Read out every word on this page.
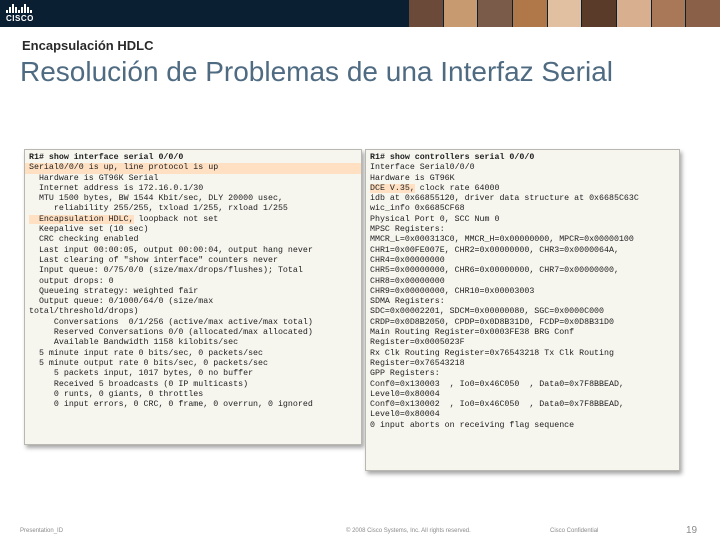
CISCO
Encapsulación HDLC
Resolución de Problemas de una Interfaz Serial
R1# show interface serial 0/0/0
Serial0/0/0 is up, line protocol is up
Hardware is GT96K Serial
Internet address is 172.16.0.1/30
MTU 1500 bytes, BW 1544 Kbit/sec, DLY 20000 usec,
reliability 255/255, txload 1/255, rxload 1/255
Encapsulation HDLC, loopback not set
Keepalive set (10 sec)
CRC checking enabled
Last input 00:00:05, output 00:00:04, output hang never
Last clearing of "show interface" counters never
Input queue: 0/75/0/0 (size/max/drops/flushes); Total
output drops: 0
Queueing strategy: weighted fair
Output queue: 0/1000/64/0 (size/max
total/threshold/drops)
Conversations  0/1/256 (active/max active/max total)
Reserved Conversations 0/0 (allocated/max allocated)
Available Bandwidth 1158 kilobits/sec
5 minute input rate 0 bits/sec, 0 packets/sec
5 minute output rate 0 bits/sec, 0 packets/sec
5 packets input, 1017 bytes, 0 no buffer
Received 5 broadcasts (0 IP multicasts)
0 runts, 0 giants, 0 throttles
0 input errors, 0 CRC, 0 frame, 0 overrun, 0 ignored
R1# show controllers serial 0/0/0
Interface Serial0/0/0
Hardware is GT96K
DCE V.35, clock rate 64000
idb at 0x66855120, driver data structure at 0x6685C63C
wic_info 0x6685CF68
Physical Port 0, SCC Num 0
MPSC Registers:
MMCR_L=0x000313C0, MMCR_H=0x00000000, MPCR=0x00000100
CHR1=0x00FE007E, CHR2=0x00000000, CHR3=0x0000064A,
CHR4=0x00000000
CHR5=0x00000000, CHR6=0x00000000, CHR7=0x00000000,
CHR8=0x00000000
CHR9=0x00000000, CHR10=0x00003003
SDMA Registers:
SDC=0x00002201, SDCM=0x00000080, SGC=0x0000C000
CRDP=0x0D8B2050, CPDP=0x0D8B31D0, FCDP=0x0D8B31D0
Main Routing Register=0x0003FE38 BRG Conf
Register=0x0005023F
Rx Clk Routing Register=0x76543218 Tx Clk Routing
Register=0x76543218
GPP Registers:
Conf0=0x130003  , Io0=0x46C050  , Data0=0x7F8BBEAD,
Level0=0x80004
Conf0=0x130002  , Io0=0x46C050  , Data0=0x7F8BBEAD,
Level0=0x80004
0 input aborts on receiving flag sequence
Presentation_ID	© 2008 Cisco Systems, Inc. All rights reserved.	Cisco Confidential	19
